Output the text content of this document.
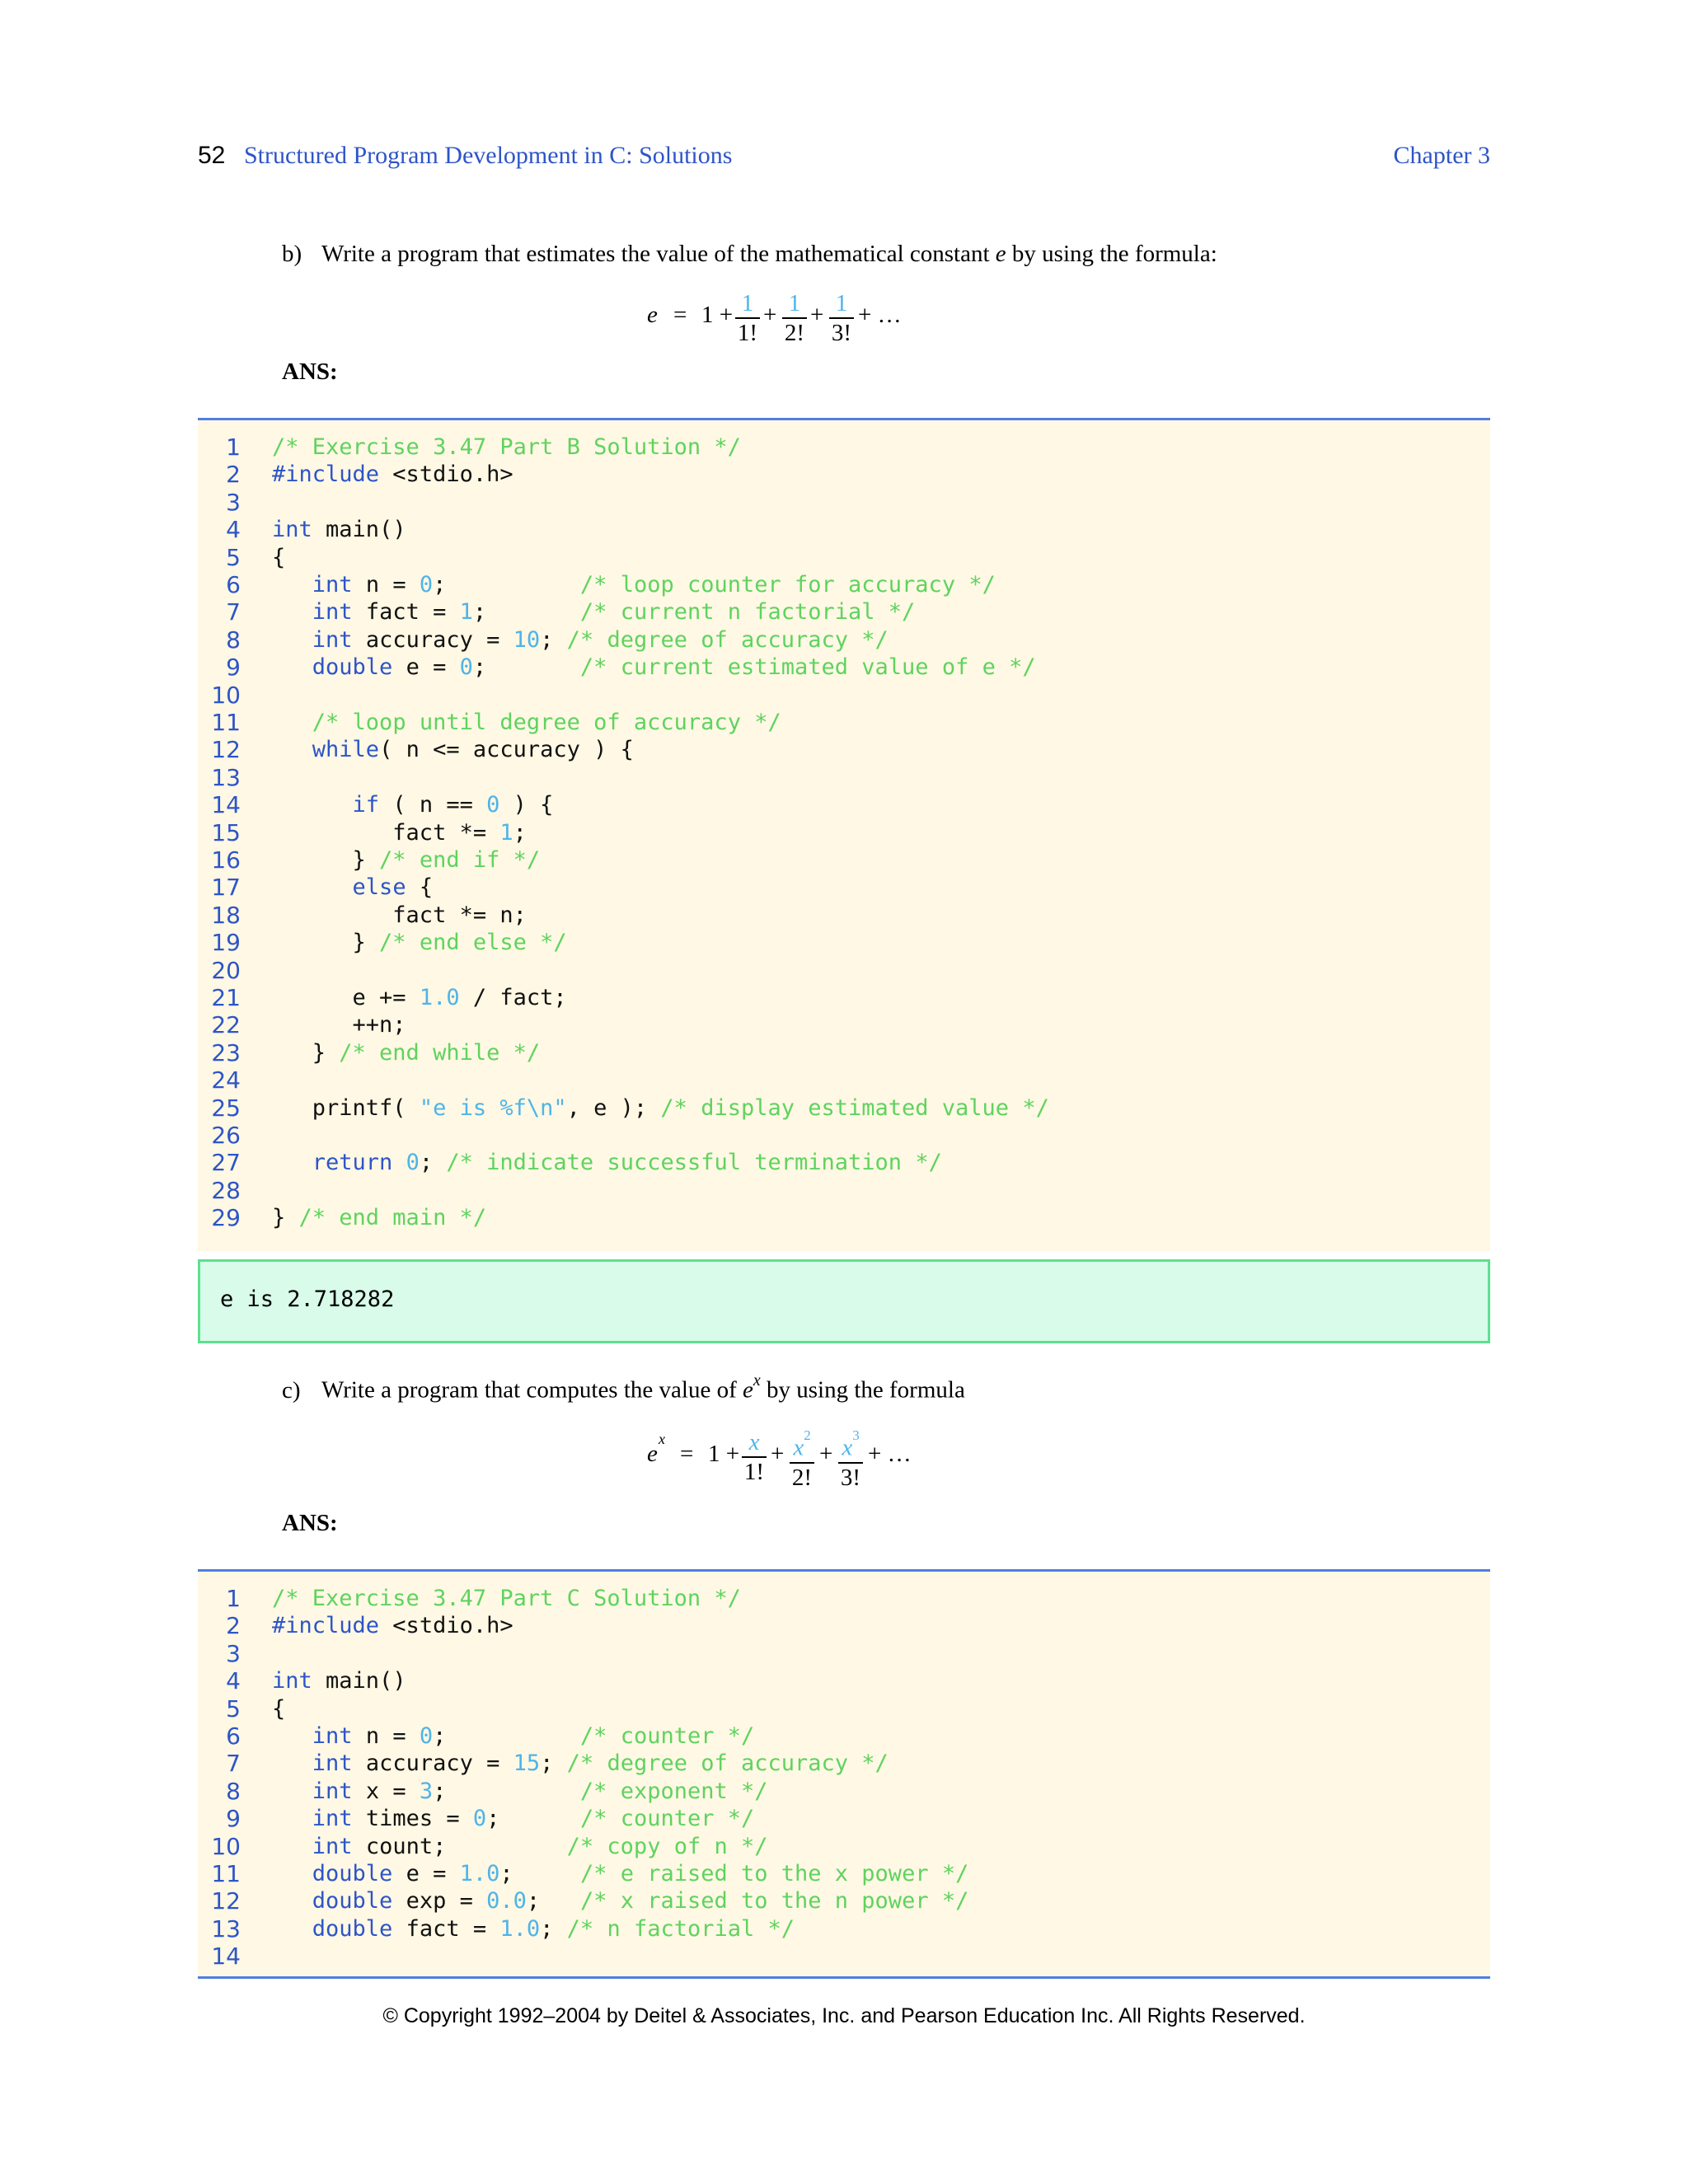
52 Structured Program Development in C: Solutions	Chapter 3
b) Write a program that estimates the value of the mathematical constant e by using the formula:
e = 1 + 1
1!
+ 1
2!
+ 1
3!
+ …
ANS:
1 /* Exercise 3.47 Part B Solution */
2 #include <stdio.h>
3
4 int main()
5 {
6	int n = 0;          /* loop counter for accuracy */
7	int fact = 1;       /* current n factorial */
8	int accuracy = 10; /* degree of accuracy */
9	double e = 0;       /* current estimated value of e */
10
11	/* loop until degree of accuracy */
12	while( n <= accuracy ) {
13
14	if ( n == 0 ) {
15 fact *= 1;
16 } /* end if */
17	else {
18 fact *= n;
19 } /* end else */
20
21 e += 1.0 / fact;
22 ++n;
23 } /* end while */
24
25 printf( "e is %f\n", e ); /* display estimated value */
26
27	return 0; /* indicate successful termination */
28
29 } /* end main */
e is 2.718282
c) Write a program that computes the value of $e^x$ by using the formula
e
x
= 1 + x
1!
+ $x^2$
2!
+ $x^3$
3!
+ …
ANS:
1 /* Exercise 3.47 Part C Solution */
2 #include <stdio.h>
3
4 int main()
5 {
6	int n = 0;          /* counter */
7	int accuracy = 15; /* degree of accuracy */
8	int x = 3;          /* exponent */
9	int times = 0;      /* counter */
10	int count;         /* copy of n */
11	double e = 1.0;     /* e raised to the x power */
12	double exp = 0.0;   /* x raised to the n power */
13	double fact = 1.0; /* n factorial */
14
© Copyright 1992–2004 by Deitel & Associates, Inc. and Pearson Education Inc. All Rights Reserved.
